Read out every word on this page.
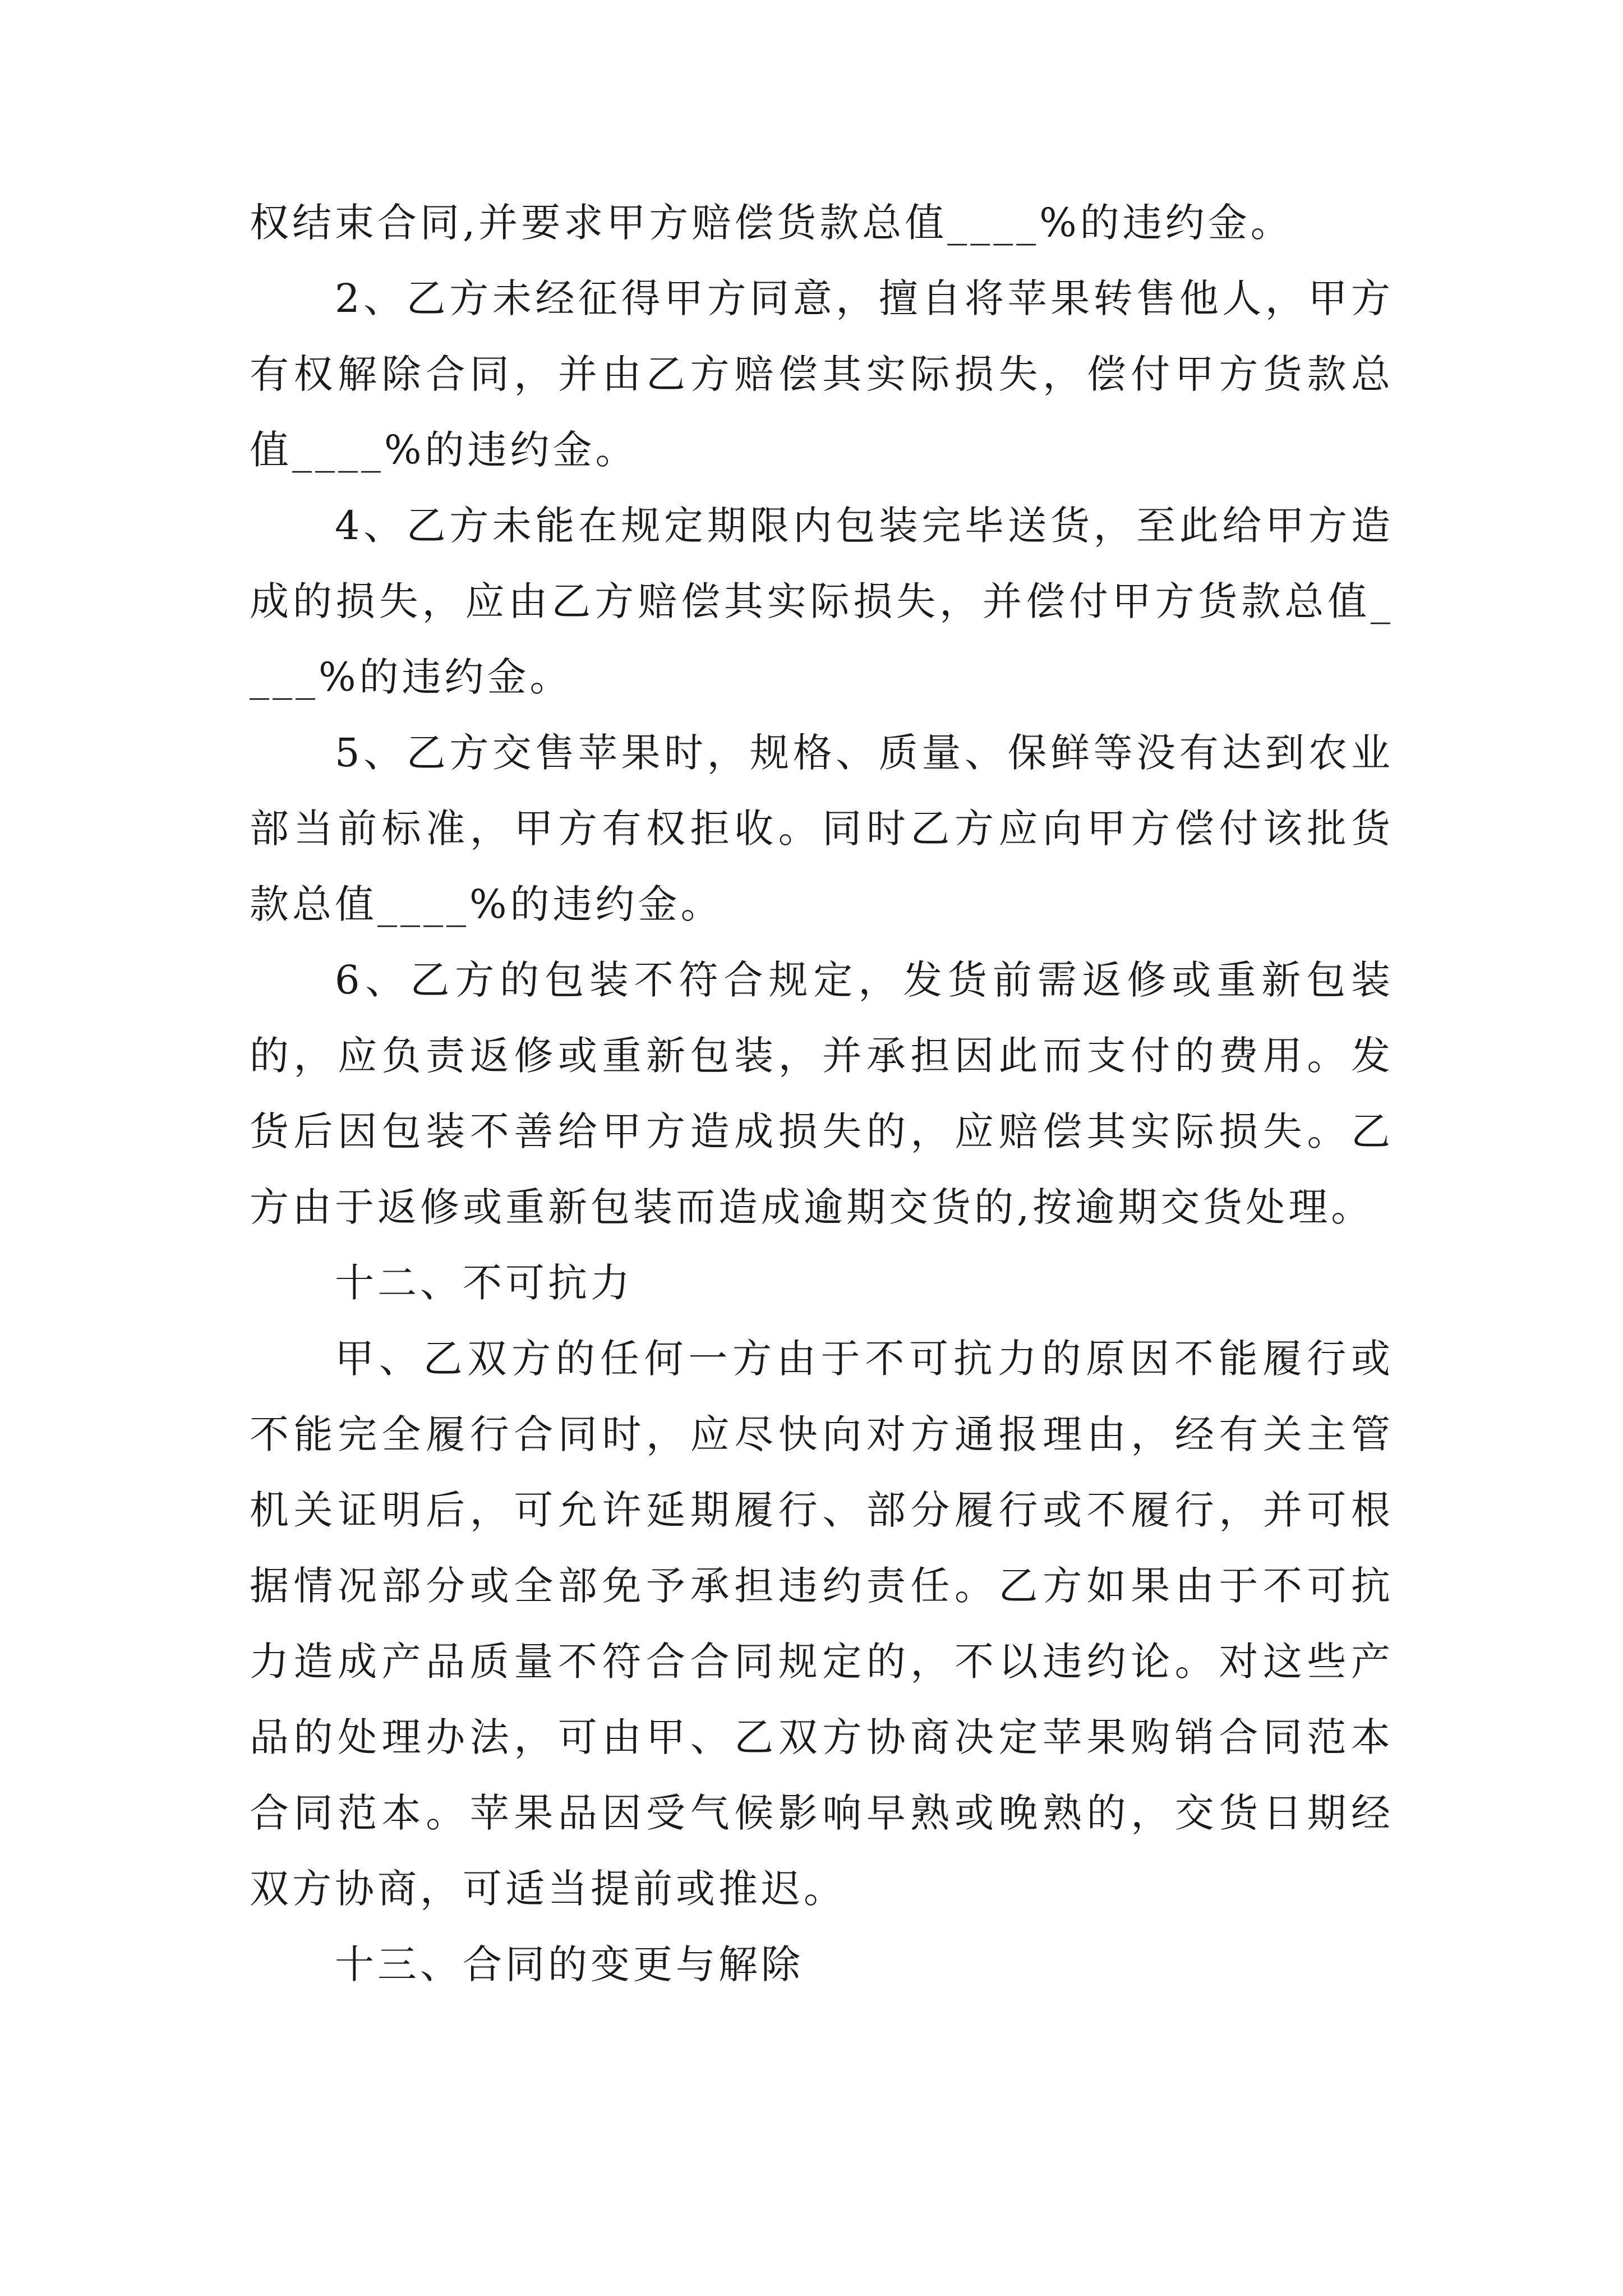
权结束合同,并要求甲方赔偿货款总值____%的违约金。

2、乙方未经征得甲方同意，擅自将苹果转售他人，甲方有权解除合同，并由乙方赔偿其实际损失，偿付甲方货款总值____%的违约金。

4、乙方未能在规定期限内包装完毕送货，至此给甲方造成的损失，应由乙方赔偿其实际损失，并偿付甲方货款总值____%的违约金。

5、乙方交售苹果时，规格、质量、保鲜等没有达到农业部当前标准，甲方有权拒收。同时乙方应向甲方偿付该批货款总值____%的违约金。

6、乙方的包装不符合规定，发货前需返修或重新包装的，应负责返修或重新包装，并承担因此而支付的费用。发货后因包装不善给甲方造成损失的，应赔偿其实际损失。乙方由于返修或重新包装而造成逾期交货的,按逾期交货处理。

十二、不可抗力

甲、乙双方的任何一方由于不可抗力的原因不能履行或不能完全履行合同时，应尽快向对方通报理由，经有关主管机关证明后，可允许延期履行、部分履行或不履行，并可根据情况部分或全部免予承担违约责任。乙方如果由于不可抗力造成产品质量不符合合同规定的，不以违约论。对这些产品的处理办法，可由甲、乙双方协商决定苹果购销合同范本合同范本。苹果品因受气候影响早熟或晚熟的，交货日期经双方协商，可适当提前或推迟。

十三、合同的变更与解除
